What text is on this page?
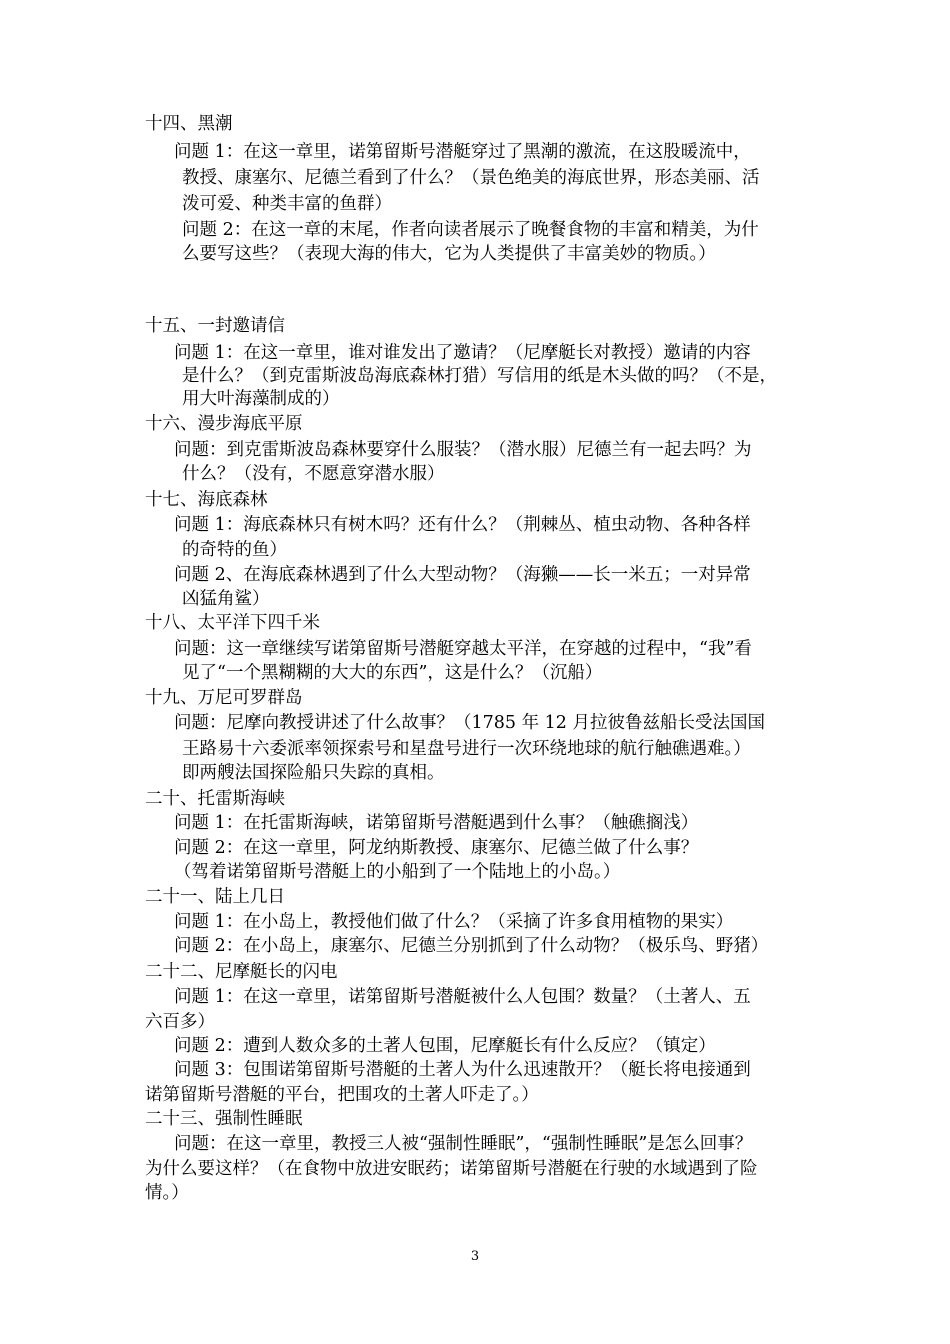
十四、黑潮
问题 1：在这一章里，诺第留斯号潜艇穿过了黑潮的激流，在这股暖流中，
教授、康塞尔、尼德兰看到了什么？（景色绝美的海底世界，形态美丽、活
泼可爱、种类丰富的鱼群）
问题 2：在这一章的末尾，作者向读者展示了晚餐食物的丰富和精美，为什
么要写这些？（表现大海的伟大，它为人类提供了丰富美妙的物质。）
十五、一封邀请信
问题 1：在这一章里，谁对谁发出了邀请？（尼摩艇长对教授）邀请的内容
是什么？（到克雷斯波岛海底森林打猎）写信用的纸是木头做的吗？（不是，
用大叶海藻制成的）
十六、漫步海底平原
问题：到克雷斯波岛森林要穿什么服装？（潜水服）尼德兰有一起去吗？为
什么？（没有，不愿意穿潜水服）
十七、海底森林
问题 1：海底森林只有树木吗？还有什么？（荆棘丛、植虫动物、各种各样
的奇特的鱼）
问题 2、在海底森林遇到了什么大型动物？（海獭——长一米五；一对异常
凶猛角鲨）
十八、太平洋下四千米
问题：这一章继续写诺第留斯号潜艇穿越太平洋，在穿越的过程中，“我”看
见了“一个黑糊糊的大大的东西”，这是什么？（沉船）
十九、万尼可罗群岛
问题：尼摩向教授讲述了什么故事？（1785 年 12 月拉彼鲁兹船长受法国国
王路易十六委派率领探索号和星盘号进行一次环绕地球的航行触礁遇难。）
即两艘法国探险船只失踪的真相。
二十、托雷斯海峡
问题 1：在托雷斯海峡，诺第留斯号潜艇遇到什么事？（触礁搁浅）
问题 2：在这一章里，阿龙纳斯教授、康塞尔、尼德兰做了什么事？
（驾着诺第留斯号潜艇上的小船到了一个陆地上的小岛。）
二十一、陆上几日
问题 1：在小岛上，教授他们做了什么？（采摘了许多食用植物的果实）
问题 2：在小岛上，康塞尔、尼德兰分别抓到了什么动物？（极乐鸟、野猪）
二十二、尼摩艇长的闪电
问题 1：在这一章里，诺第留斯号潜艇被什么人包围？数量？（土著人、五
六百多）
问题 2：遭到人数众多的土著人包围，尼摩艇长有什么反应？（镇定）
问题 3：包围诺第留斯号潜艇的土著人为什么迅速散开？（艇长将电接通到
诺第留斯号潜艇的平台，把围攻的土著人吓走了。）
二十三、强制性睡眠
问题：在这一章里，教授三人被“强制性睡眠”，“强制性睡眠”是怎么回事？
为什么要这样？（在食物中放进安眠药；诺第留斯号潜艇在行驶的水域遇到了险
情。）
3
